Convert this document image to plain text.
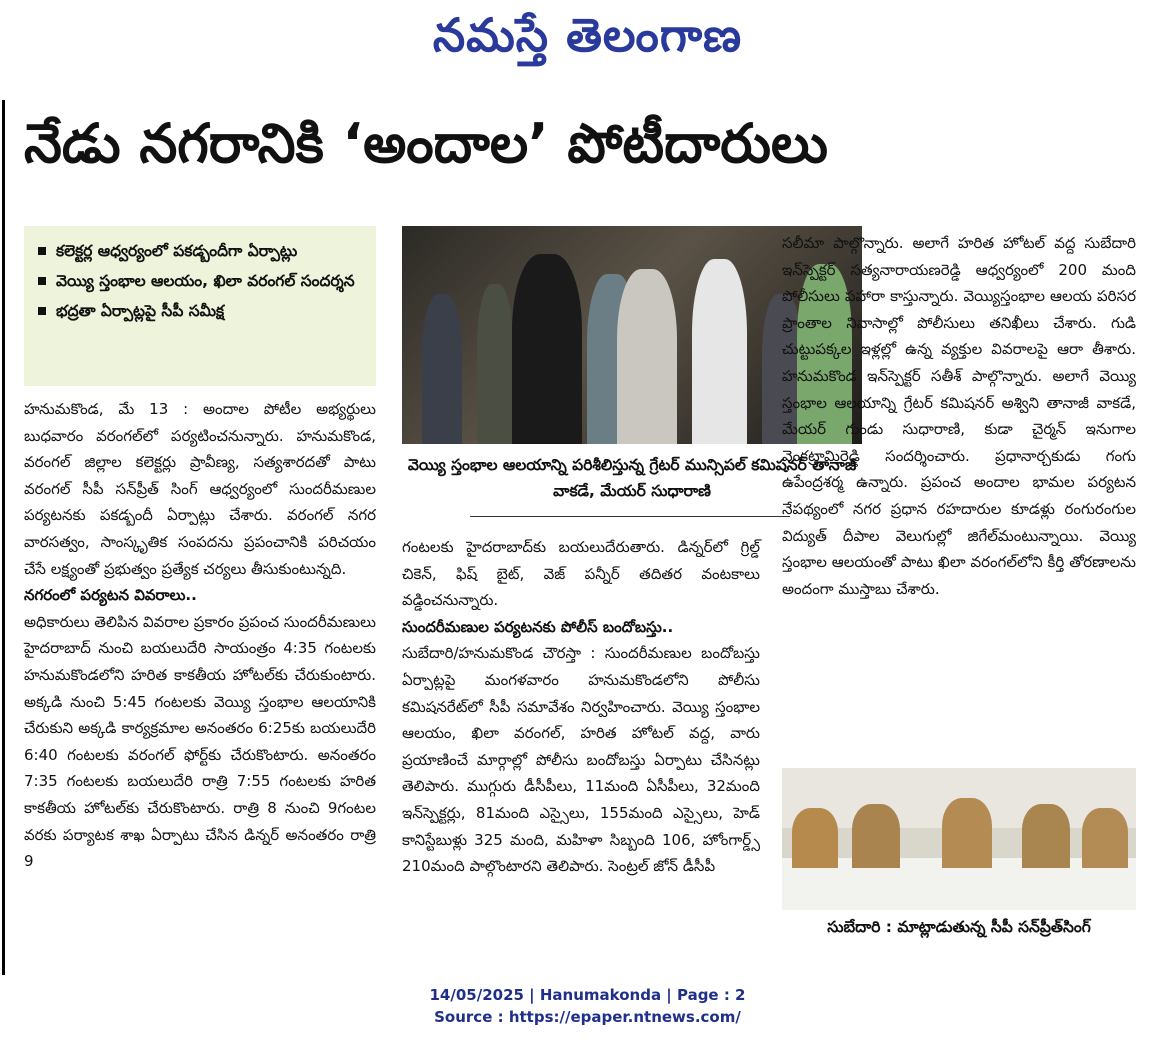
నమస్తే తెలంగాణ
నేడు నగరానికి ‘అందాల’ పోటీదారులు
కలెక్టర్ల ఆధ్వర్యంలో పకడ్బందీగా ఏర్పాట్లు
వెయ్యి స్తంభాల ఆలయం, ఖిలా వరంగల్ సందర్శన
భద్రతా ఏర్పాట్లపై సీపీ సమీక్ష

హనుమకొండ, మే 13 : అందాల పోటీల అభ్యర్థులు బుధవారం వరంగల్‌లో పర్యటించనున్నారు. హనుమకొండ, వరంగల్ జిల్లాల కలెక్టర్లు ప్రావీణ్య, సత్యశారదతో పాటు వరంగల్ సీపీ సన్‌ప్రీత్ సింగ్ ఆధ్వర్యంలో సుందరీమణుల పర్యటనకు పకడ్బందీ ఏర్పాట్లు చేశారు. వరంగల్ నగర వారసత్వం, సాంస్కృతిక సంపదను ప్రపంచానికి పరిచయం చేసే లక్ష్యంతో ప్రభుత్వం ప్రత్యేక చర్యలు తీసుకుంటున్నది.

నగరంలో పర్యటన వివరాలు..

అధికారులు తెలిపిన వివరాల ప్రకారం ప్రపంచ సుందరీమణులు హైదరాబాద్ నుంచి బయలుదేరి సాయంత్రం 4:35 గంటలకు హనుమకొండలోని హరిత కాకతీయ హోటల్‌కు చేరుకుంటారు. అక్కడి నుంచి 5:45 గంటలకు వెయ్యి స్తంభాల ఆలయానికి చేరుకుని అక్కడి కార్యక్రమాల అనంతరం 6:25కు బయలుదేరి 6:40 గంటలకు వరంగల్ ఫోర్ట్‌కు చేరుకొంటారు. అనంతరం 7:35 గంటలకు బయలుదేరి రాత్రి 7:55 గంటలకు హరిత కాకతీయ హోటల్‌కు చేరుకొంటారు. రాత్రి 8 నుంచి 9గంటల వరకు పర్యాటక శాఖ ఏర్పాటు చేసిన డిన్నర్ అనంతరం రాత్రి 9

వెయ్యి స్తంభాల ఆలయాన్ని పరిశీలిస్తున్న గ్రేటర్ మున్సిపల్ కమిషనర్ తానాజీ వాకడే, మేయర్ సుధారాణి

గంటలకు హైదరాబాద్‌కు బయలుదేరుతారు. డిన్నర్‌లో గ్రిల్డ్ చికెన్, ఫిష్ బైట్, వెజ్ పన్నీర్ తదితర వంటకాలు వడ్డించనున్నారు.

సుందరీమణుల పర్యటనకు పోలీస్ బందోబస్తు..

సుబేదారి/హనుమకొండ చౌరస్తా : సుందరీమణుల బందోబస్తు ఏర్పాట్లపై మంగళవారం హనుమకొండలోని పోలీసు కమిషనరేట్‌లో సీపీ సమావేశం నిర్వహించారు. వెయ్యి స్తంభాల ఆలయం, ఖిలా వరంగల్, హరిత హోటల్ వద్ద, వారు ప్రయాణించే మార్గాల్లో పోలీసు బందోబస్తు ఏర్పాటు చేసినట్లు తెలిపారు. ముగ్గురు డీసీపీలు, 11మంది ఏసీపీలు, 32మంది ఇన్‌స్పెక్టర్లు, 81మంది ఎస్సైలు, 155మంది ఎస్సైలు, హెడ్ కానిస్టేబుళ్లు 325 మంది, మహిళా సిబ్బంది 106, హోంగార్డ్స్ 210మంది పాల్గొంటారని తెలిపారు. సెంట్రల్ జోన్ డీసీపీ

సలీమా పాల్గొన్నారు. అలాగే హరిత హోటల్ వద్ద సుబేదారి ఇన్‌స్పెక్టర్ సత్యనారాయణరెడ్డి ఆధ్వర్యంలో 200 మంది పోలీసులు పహారా కాస్తున్నారు. వెయ్యిస్తంభాల ఆలయ పరిసర ప్రాంతాల నివాసాల్లో పోలీసులు తనిఖీలు చేశారు. గుడి చుట్టుపక్కల ఇళ్లల్లో ఉన్న వ్యక్తుల వివరాలపై ఆరా తీశారు. హనుమకొండ ఇన్‌స్పెక్టర్ సతీశ్ పాల్గొన్నారు. అలాగే వెయ్యి స్తంభాల ఆలయాన్ని గ్రేటర్ కమిషనర్ అశ్విని తానాజీ వాకడే, మేయర్ గుండు సుధారాణి, కుడా చైర్మన్ ఇనుగాల వెంకట్రామిరెడ్డి సందర్శించారు. ప్రధానార్చకుడు గంగు ఉపేంద్రశర్మ ఉన్నారు. ప్రపంచ అందాల భామల పర్యటన నేపథ్యంలో నగర ప్రధాన రహదారుల కూడళ్లు రంగురంగుల విద్యుత్ దీపాల వెలుగుల్లో జిగేల్‌మంటున్నాయి. వెయ్యి స్తంభాల ఆలయంతో పాటు ఖిలా వరంగల్‌లోని కీర్తి తోరణాలను అందంగా ముస్తాబు చేశారు.

సుబేదారి : మాట్లాడుతున్న సీపీ సన్‌ప్రీత్‌సింగ్
14/05/2025 | Hanumakonda | Page : 2
Source : https://epaper.ntnews.com/
